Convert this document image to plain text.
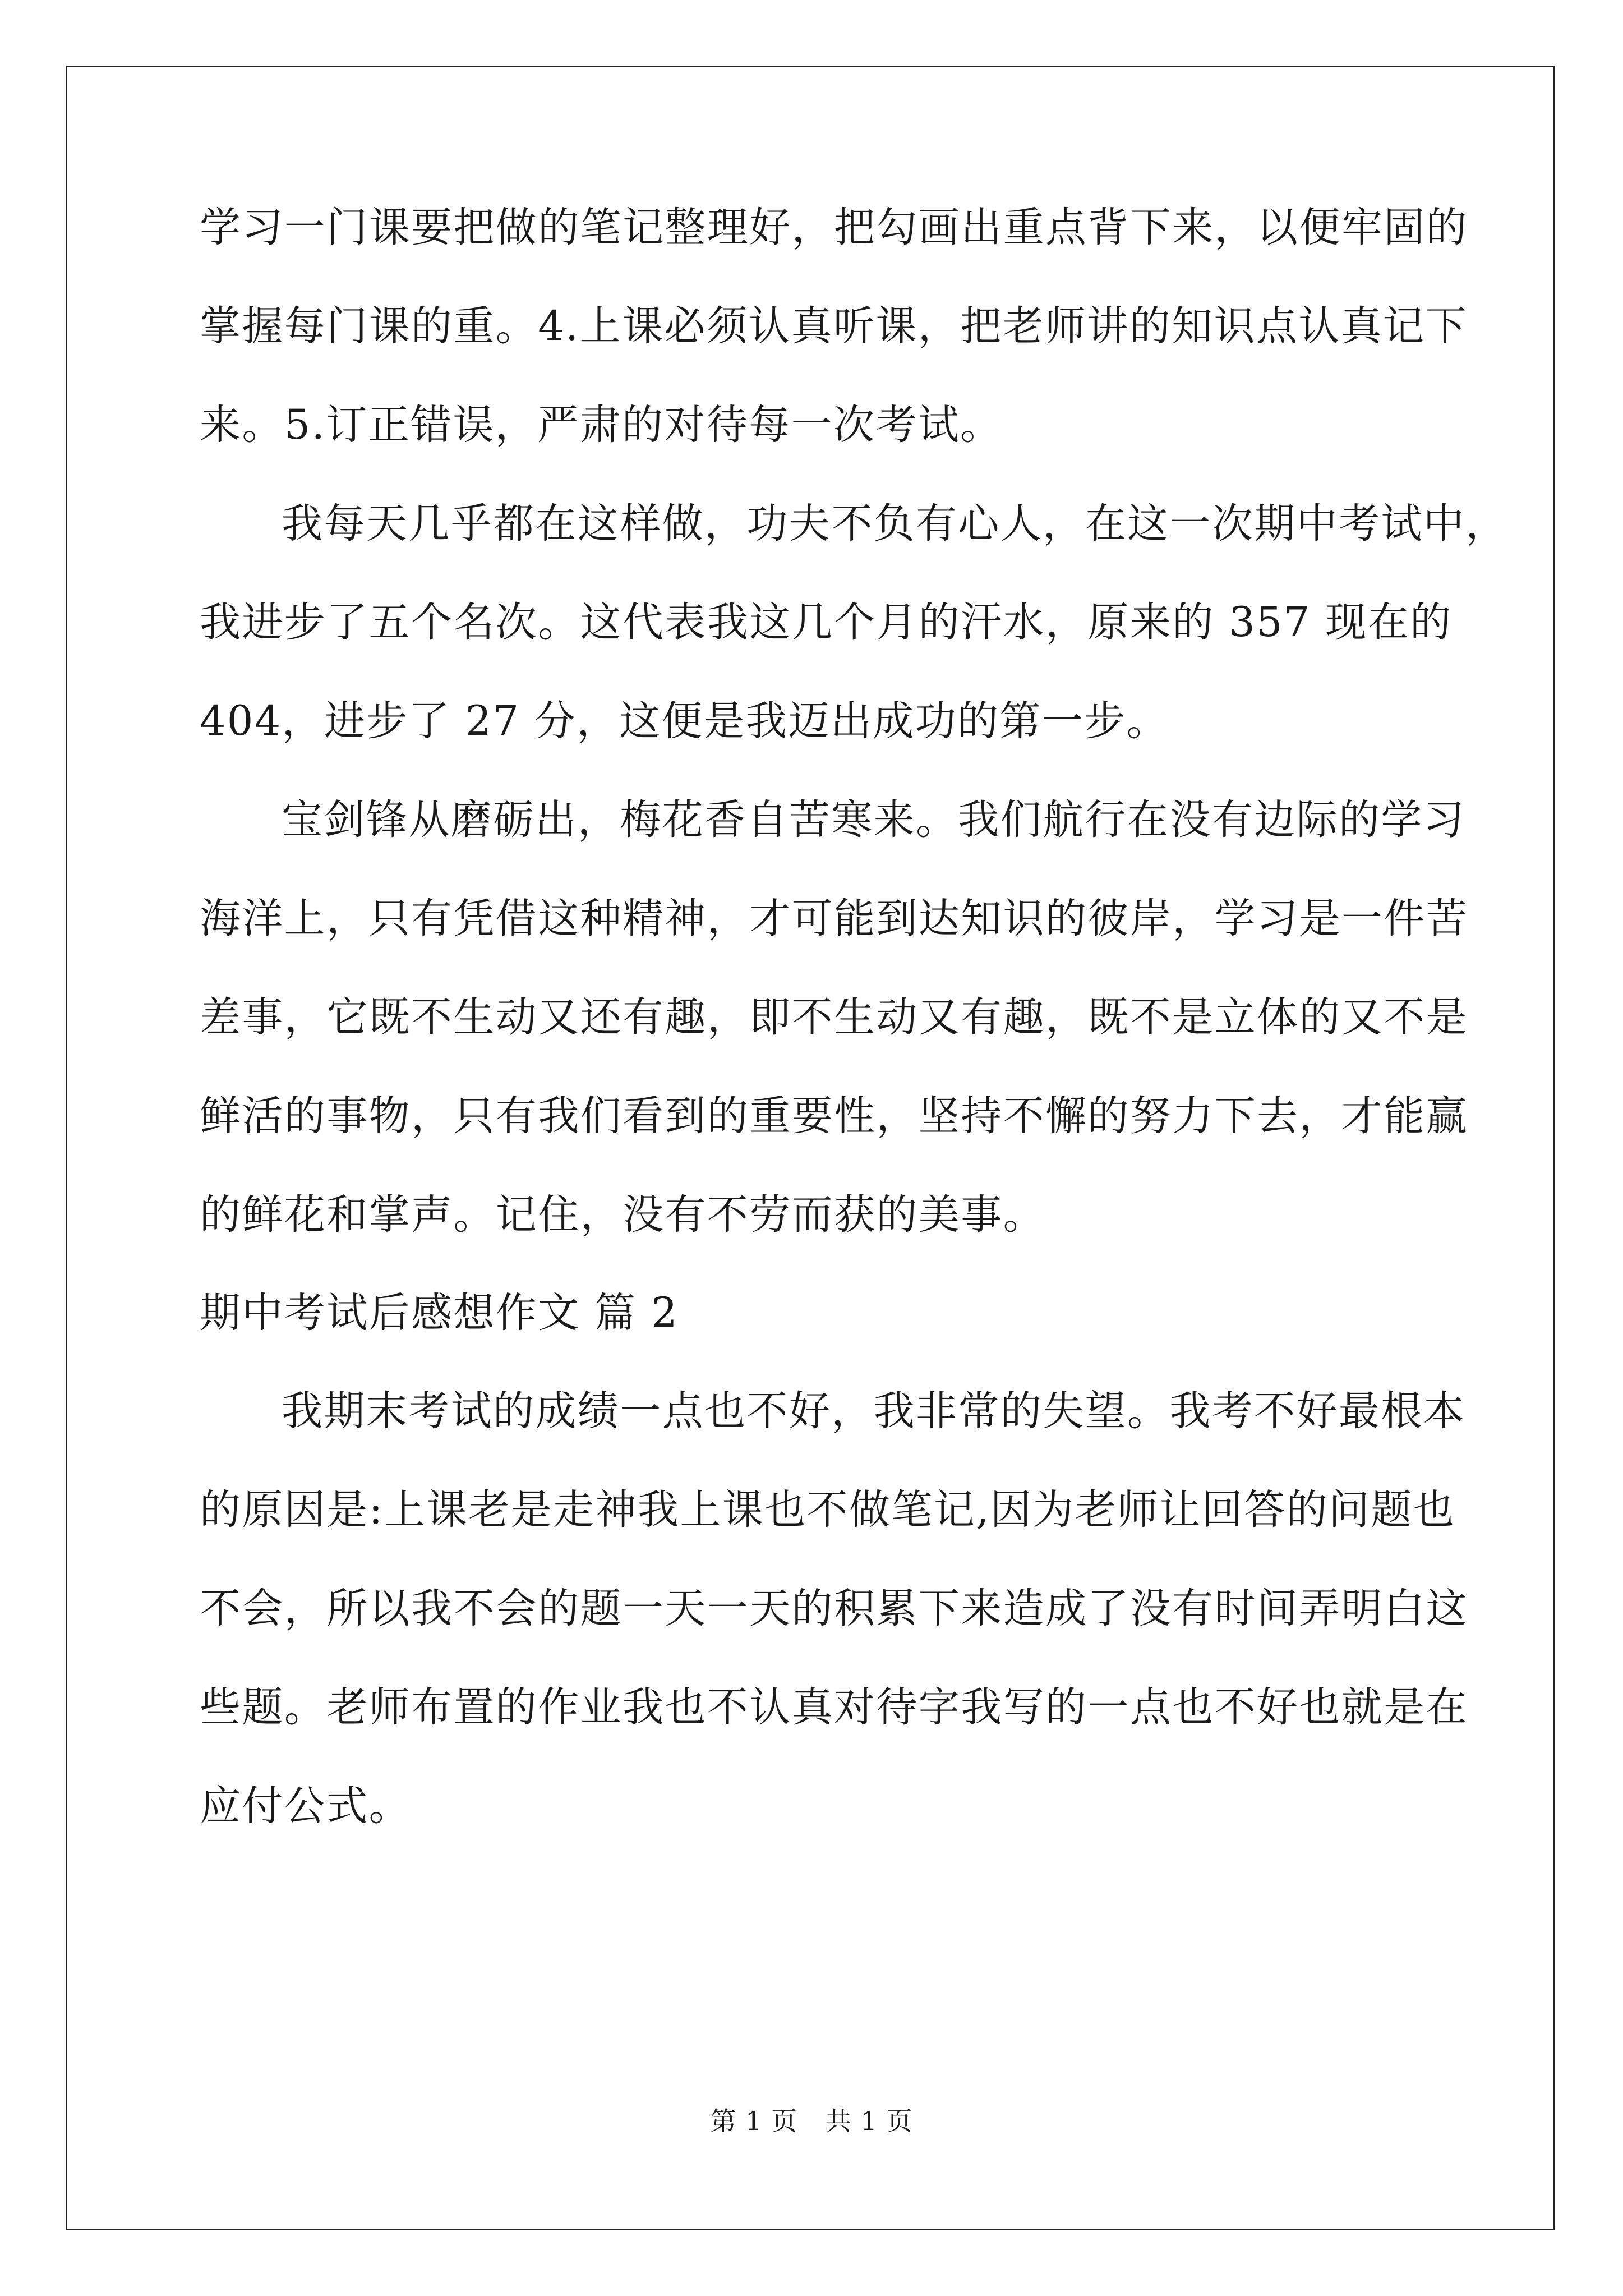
学习一门课要把做的笔记整理好，把勾画出重点背下来，以便牢固的

掌握每门课的重。4.上课必须认真听课，把老师讲的知识点认真记下

来。5.订正错误，严肃的对待每一次考试。

我每天几乎都在这样做，功夫不负有心人，在这一次期中考试中，

我进步了五个名次。这代表我这几个月的汗水，原来的 357 现在的

404，进步了 27 分，这便是我迈出成功的第一步。

宝剑锋从磨砺出，梅花香自苦寒来。我们航行在没有边际的学习

海洋上，只有凭借这种精神，才可能到达知识的彼岸，学习是一件苦

差事，它既不生动又还有趣，即不生动又有趣，既不是立体的又不是

鲜活的事物，只有我们看到的重要性，坚持不懈的努力下去，才能赢

的鲜花和掌声。记住，没有不劳而获的美事。

期中考试后感想作文 篇 2

我期末考试的成绩一点也不好，我非常的失望。我考不好最根本

的原因是:上课老是走神我上课也不做笔记,因为老师让回答的问题也

不会，所以我不会的题一天一天的积累下来造成了没有时间弄明白这

些题。老师布置的作业我也不认真对待字我写的一点也不好也就是在

应付公式。

第 1 页 共 1 页
